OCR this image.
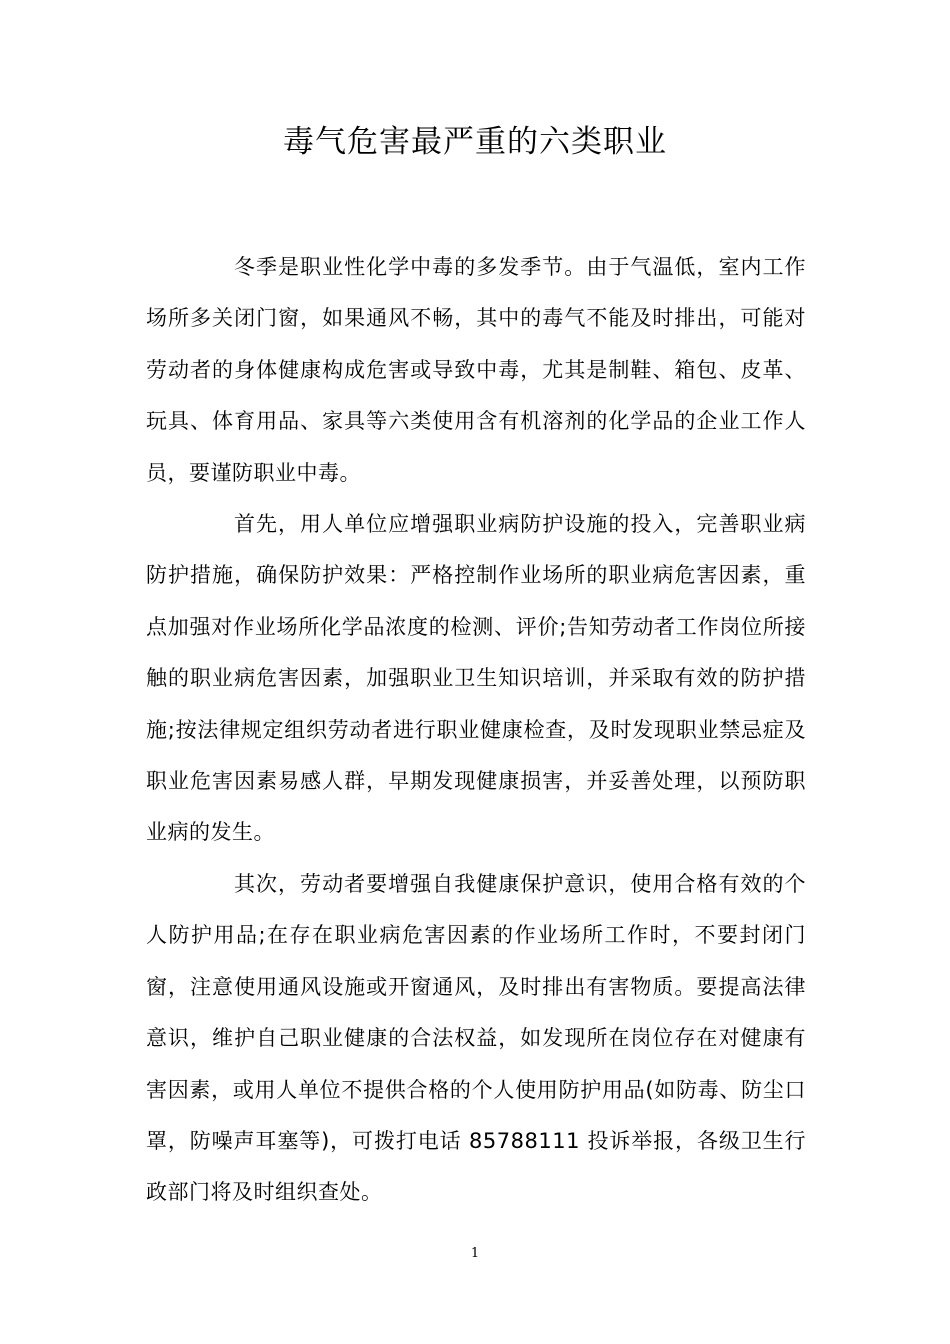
毒气危害最严重的六类职业

冬季是职业性化学中毒的多发季节。由于气温低，室内工作场所多关闭门窗，如果通风不畅，其中的毒气不能及时排出，可能对劳动者的身体健康构成危害或导致中毒，尤其是制鞋、箱包、皮革、玩具、体育用品、家具等六类使用含有机溶剂的化学品的企业工作人员，要谨防职业中毒。

首先，用人单位应增强职业病防护设施的投入，完善职业病防护措施，确保防护效果：严格控制作业场所的职业病危害因素，重点加强对作业场所化学品浓度的检测、评价;告知劳动者工作岗位所接触的职业病危害因素，加强职业卫生知识培训，并采取有效的防护措施;按法律规定组织劳动者进行职业健康检查，及时发现职业禁忌症及职业危害因素易感人群，早期发现健康损害，并妥善处理，以预防职业病的发生。

其次，劳动者要增强自我健康保护意识，使用合格有效的个人防护用品;在存在职业病危害因素的作业场所工作时，不要封闭门窗，注意使用通风设施或开窗通风，及时排出有害物质。要提高法律意识，维护自己职业健康的合法权益，如发现所在岗位存在对健康有害因素，或用人单位不提供合格的个人使用防护用品(如防毒、防尘口罩，防噪声耳塞等)，可拨打电话 85788111 投诉举报，各级卫生行政部门将及时组织查处。

1
